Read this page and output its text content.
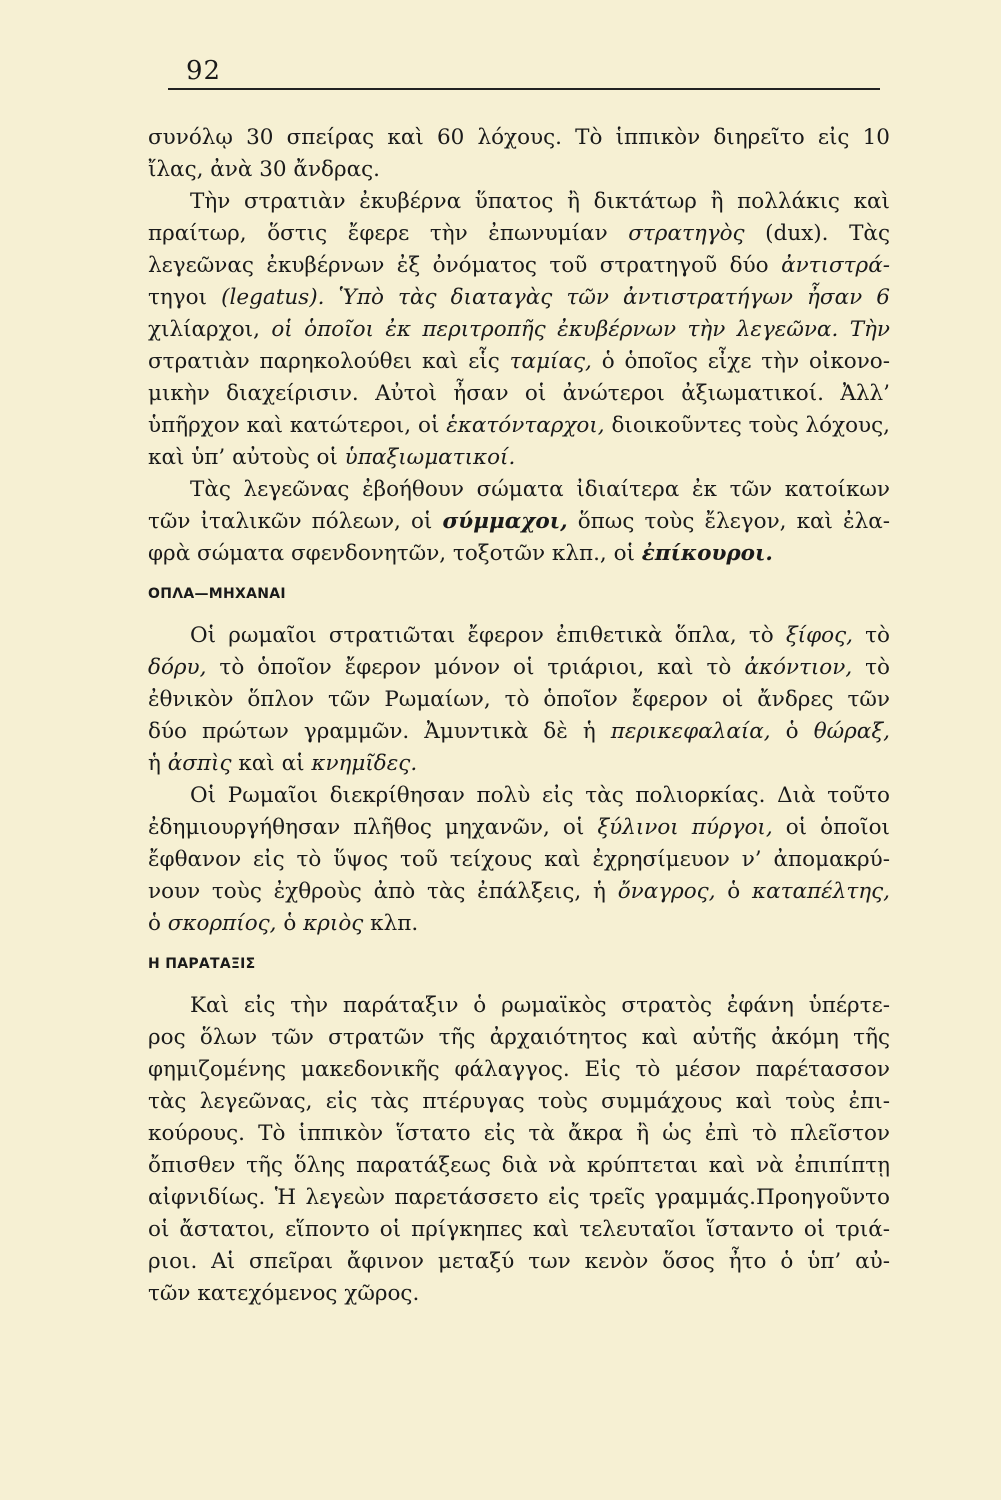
92
συνόλῳ 30 σπείρας καὶ 60 λόχους. Τὸ ἱππικὸν διηρεῖτο εἰς 10
ἴλας, ἀνὰ 30 ἄνδρας.
Τὴν στρατιὰν ἐκυβέρνα ὕπατος ἢ δικτάτωρ ἢ πολλάκις καὶ
πραίτωρ, ὅστις ἔφερε τὴν ἐπωνυμίαν στρατηγὸς (dux). Τὰς
λεγεῶνας ἐκυβέρνων ἐξ ὀνόματος τοῦ στρατηγοῦ δύο ἀντιστρά-
τηγοι (legatus). Ὑπὸ τὰς διαταγὰς τῶν ἀντιστρατήγων ἦσαν 6
χιλίαρχοι, οἱ ὁποῖοι ἐκ περιτροπῆς ἐκυβέρνων τὴν λεγεῶνα. Τὴν
στρατιὰν παρηκολούθει καὶ εἷς ταμίας, ὁ ὁποῖος εἶχε τὴν οἰκονο-
μικὴν διαχείρισιν. Αὐτοὶ ἦσαν οἱ ἀνώτεροι ἀξιωματικοί. Ἀλλ’
ὑπῆρχον καὶ κατώτεροι, οἱ ἑκατόνταρχοι, διοικοῦντες τοὺς λόχους,
καὶ ὑπ’ αὐτοὺς οἱ ὑπαξιωματικοί.
Τὰς λεγεῶνας ἐβοήθουν σώματα ἰδιαίτερα ἐκ τῶν κατοίκων
τῶν ἰταλικῶν πόλεων, οἱ σύμμαχοι, ὅπως τοὺς ἔλεγον, καὶ ἐλα-
φρὰ σώματα σφενδονητῶν, τοξοτῶν κλπ., οἱ ἐπίκουροι.
ΟΠΛΑ—ΜΗΧΑΝΑΙ
Οἱ ρωμαῖοι στρατιῶται ἔφερον ἐπιθετικὰ ὅπλα, τὸ ξίφος, τὸ
δόρυ, τὸ ὁποῖον ἔφερον μόνον οἱ τριάριοι, καὶ τὸ ἀκόντιον, τὸ
ἐθνικὸν ὅπλον τῶν Ρωμαίων, τὸ ὁποῖον ἔφερον οἱ ἄνδρες τῶν
δύο πρώτων γραμμῶν. Ἀμυντικὰ δὲ ἡ περικεφαλαία, ὁ θώραξ,
ἡ ἀσπὶς καὶ αἱ κνημῖδες.
Οἱ Ρωμαῖοι διεκρίθησαν πολὺ εἰς τὰς πολιορκίας. Διὰ τοῦτο
ἐδημιουργήθησαν πλῆθος μηχανῶν, οἱ ξύλινοι πύργοι, οἱ ὁποῖοι
ἔφθανον εἰς τὸ ὕψος τοῦ τείχους καὶ ἐχρησίμευον ν’ ἀπομακρύ-
νουν τοὺς ἐχθροὺς ἀπὸ τὰς ἐπάλξεις, ἡ ὄναγρος, ὁ καταπέλτης,
ὁ σκορπίος, ὁ κριὸς κλπ.
Η ΠΑΡΑΤΑΞΙΣ
Καὶ εἰς τὴν παράταξιν ὁ ρωμαϊκὸς στρατὸς ἐφάνη ὑπέρτε-
ρος ὅλων τῶν στρατῶν τῆς ἀρχαιότητος καὶ αὐτῆς ἀκόμη τῆς
φημιζομένης μακεδονικῆς φάλαγγος. Εἰς τὸ μέσον παρέτασσον
τὰς λεγεῶνας, εἰς τὰς πτέρυγας τοὺς συμμάχους καὶ τοὺς ἐπι-
κούρους. Τὸ ἱππικὸν ἵστατο εἰς τὰ ἄκρα ἢ ὡς ἐπὶ τὸ πλεῖστον
ὄπισθεν τῆς ὅλης παρατάξεως διὰ νὰ κρύπτεται καὶ νὰ ἐπιπίπτῃ
αἰφνιδίως. Ἡ λεγεὼν παρετάσσετο εἰς τρεῖς γραμμάς.Προηγοῦντο
οἱ ἄστατοι, εἵποντο οἱ πρίγκηπες καὶ τελευταῖοι ἵσταντο οἱ τριά-
ριοι. Αἱ σπεῖραι ἄφινον μεταξύ των κενὸν ὅσος ἦτο ὁ ὑπ’ αὐ-
τῶν κατεχόμενος χῶρος.
